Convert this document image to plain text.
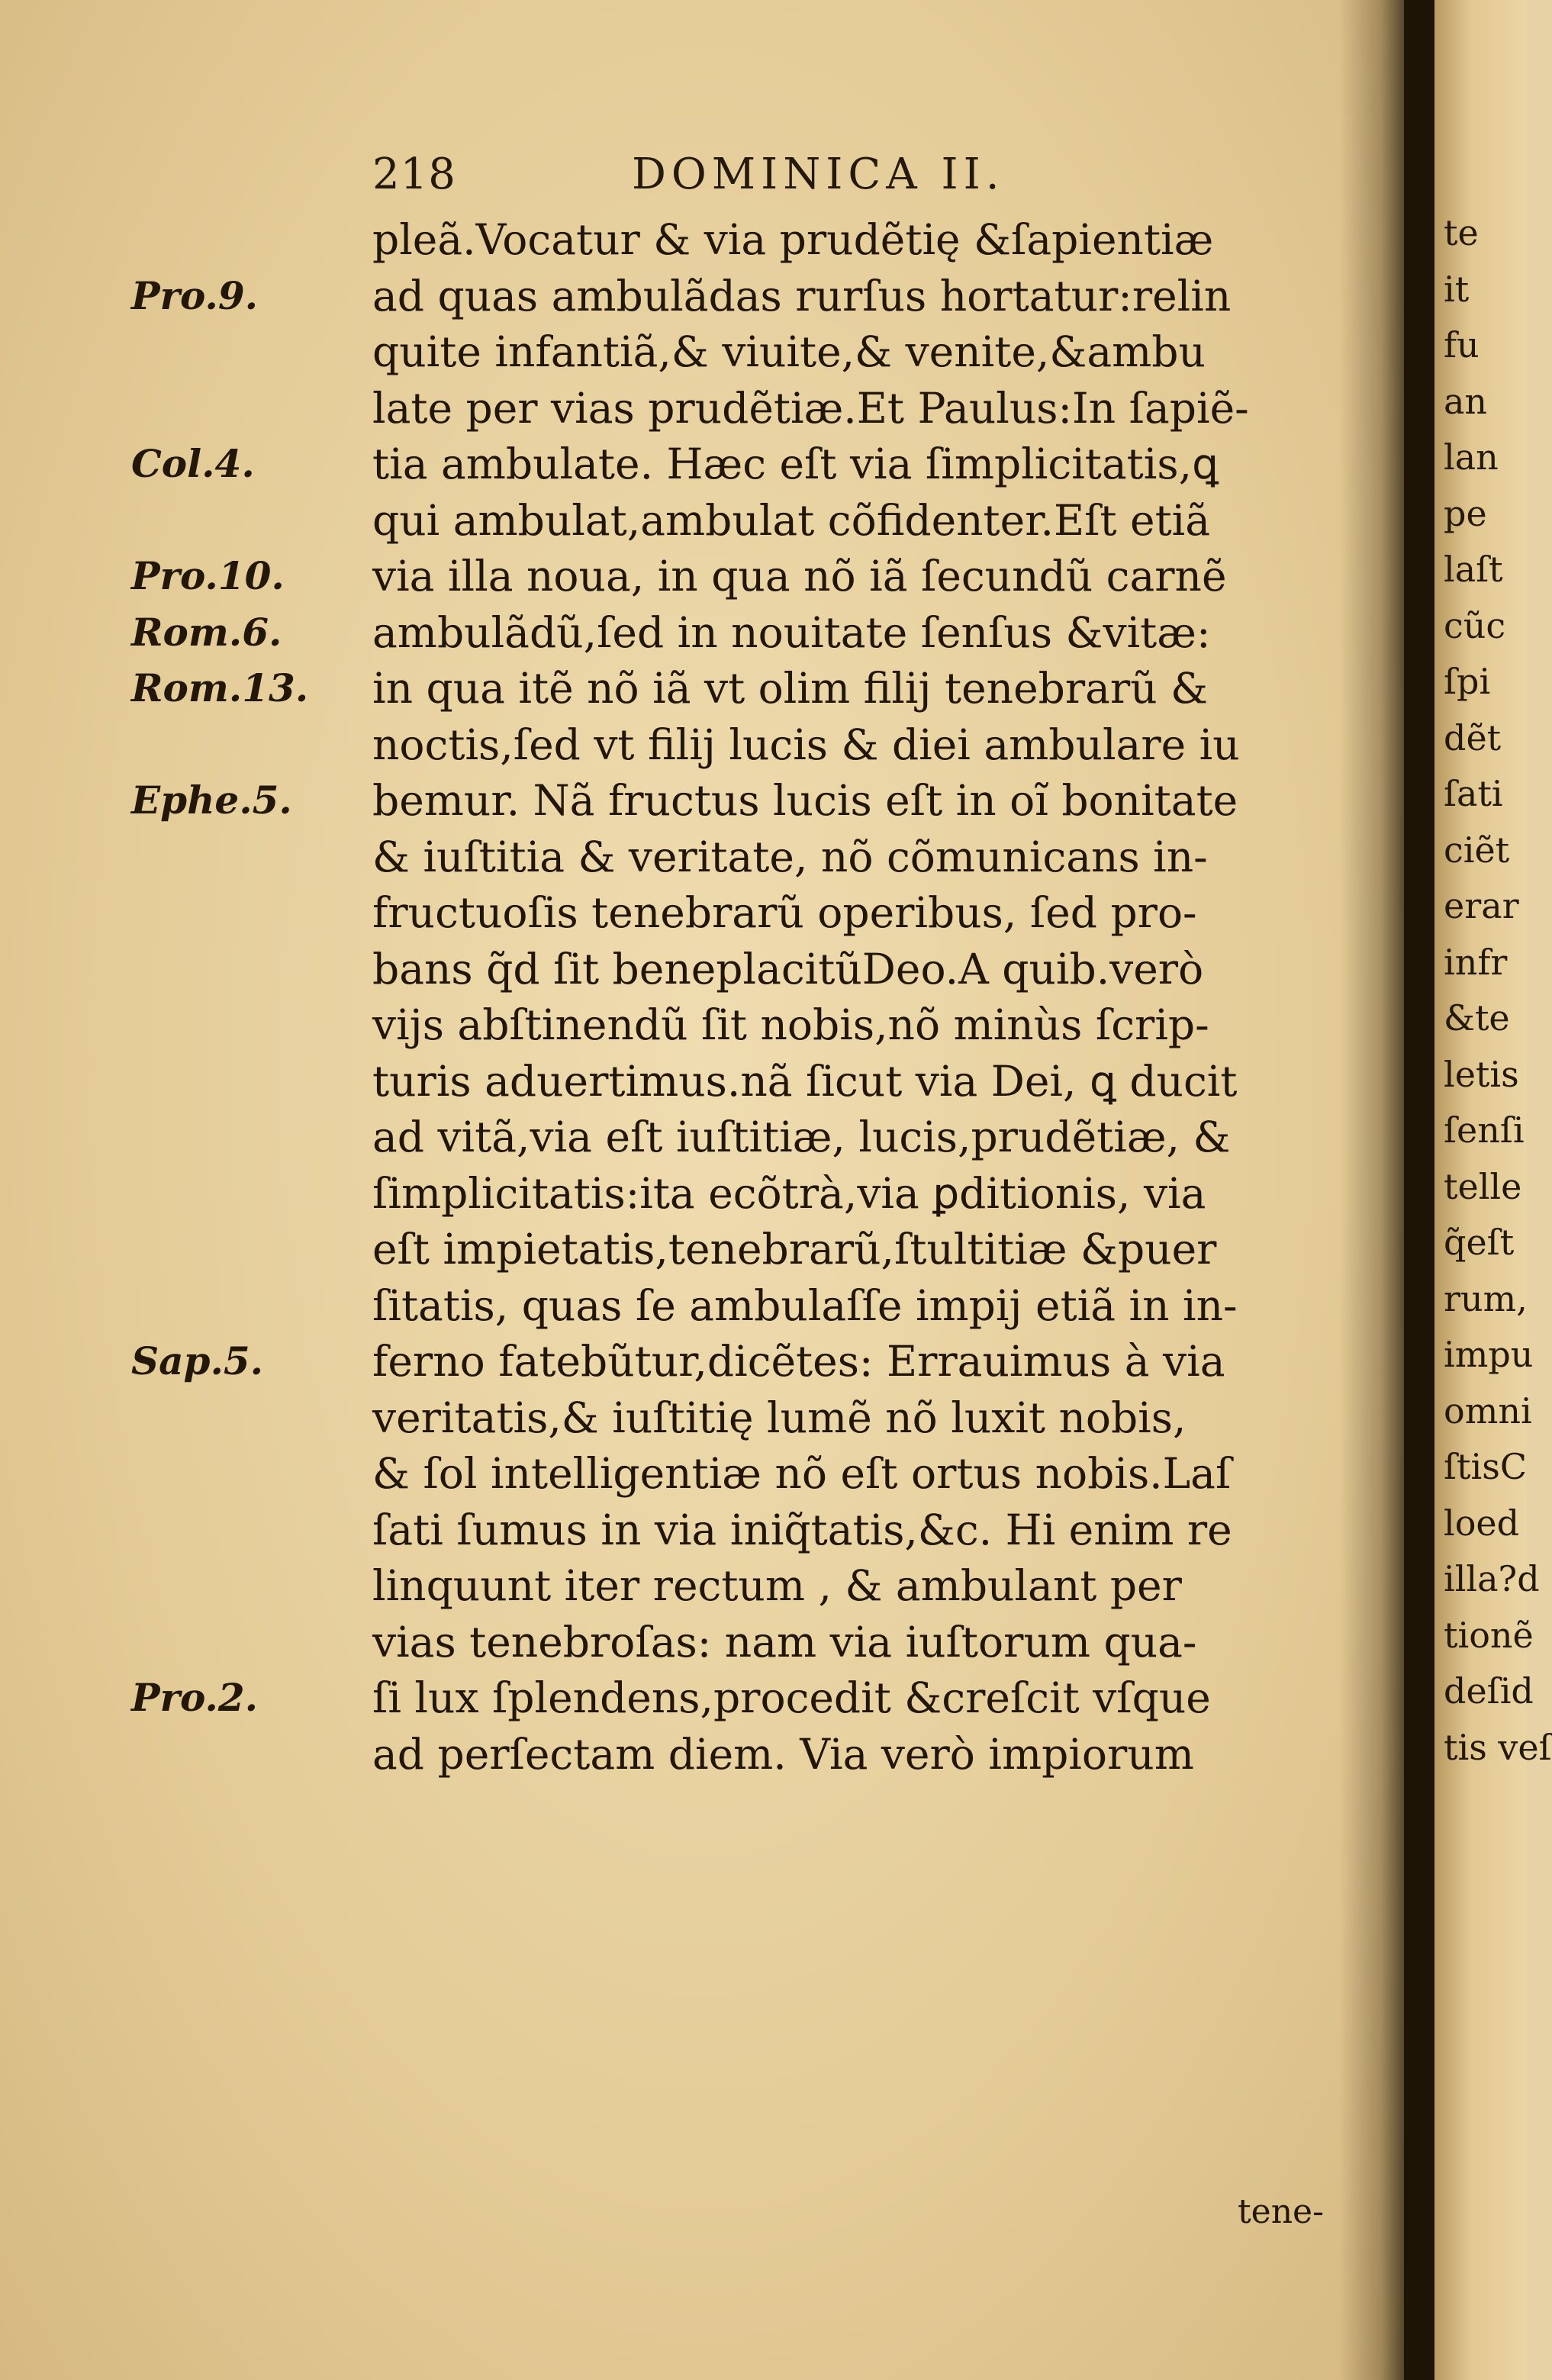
te
it
fu
an
lan
pe
laſt
cũc
ſpi
dẽt
ſati
ciẽt
erar
infr
&te
letis
ſenſi
telle
q̃eſt
rum,
impu
omni
ſtisC
loed
illa?d
tionẽ
deſid
tis veſ
218	DOMINICA II.
Pro.9.
Col.4.
Pro.10.
Rom.6.
Rom.13.
Ephe.5.
Sap.5.
Pro.2.
pleã.Vocatur & via prudẽtię &ſapientiæ
ad quas ambulãdas rurſus hortatur:relin
quite infantiã,& viuite,& venite,&ambu
late per vias prudẽtiæ.Et Paulus:In ſapiẽ-
tia ambulate. Hæc eſt via ſimplicitatis,ꝗ
qui ambulat,ambulat cõfidenter.Eſt etiã
via illa noua, in qua nõ iã ſecundũ carnẽ
ambulãdũ,ſed in nouitate ſenſus &vitæ:
in qua itẽ nõ iã vt olim filij tenebrarũ &
noctis,ſed vt filij lucis & diei ambulare iu
bemur. Nã fructus lucis eſt in oĩ bonitate
& iuſtitia & veritate, nõ cõmunicans in-
fructuoſis tenebrarũ operibus, ſed pro-
bans q̃d ſit beneplacitũDeo.A quib.verò
vijs abſtinendũ ſit nobis,nõ minùs ſcrip-
turis aduertimus.nã ſicut via Dei, ꝗ ducit
ad vitã,via eſt iuſtitiæ, lucis,prudẽtiæ, &
ſimplicitatis:ita ecõtrà,via ꝑditionis, via
eſt impietatis,tenebrarũ,ſtultitiæ &puer
ſitatis, quas ſe ambulaſſe impij etiã in in-
ferno fatebũtur,dicẽtes: Errauimus à via
veritatis,& iuſtitię lumẽ nõ luxit nobis,
& ſol intelligentiæ nõ eſt ortus nobis.Laſ
ſati ſumus in via iniq̃tatis,&c. Hi enim re
linquunt iter rectum , & ambulant per
vias tenebroſas: nam via iuſtorum qua-
ſi lux ſplendens,procedit &creſcit vſque
ad perſectam diem. Via verò impiorum
tene-
